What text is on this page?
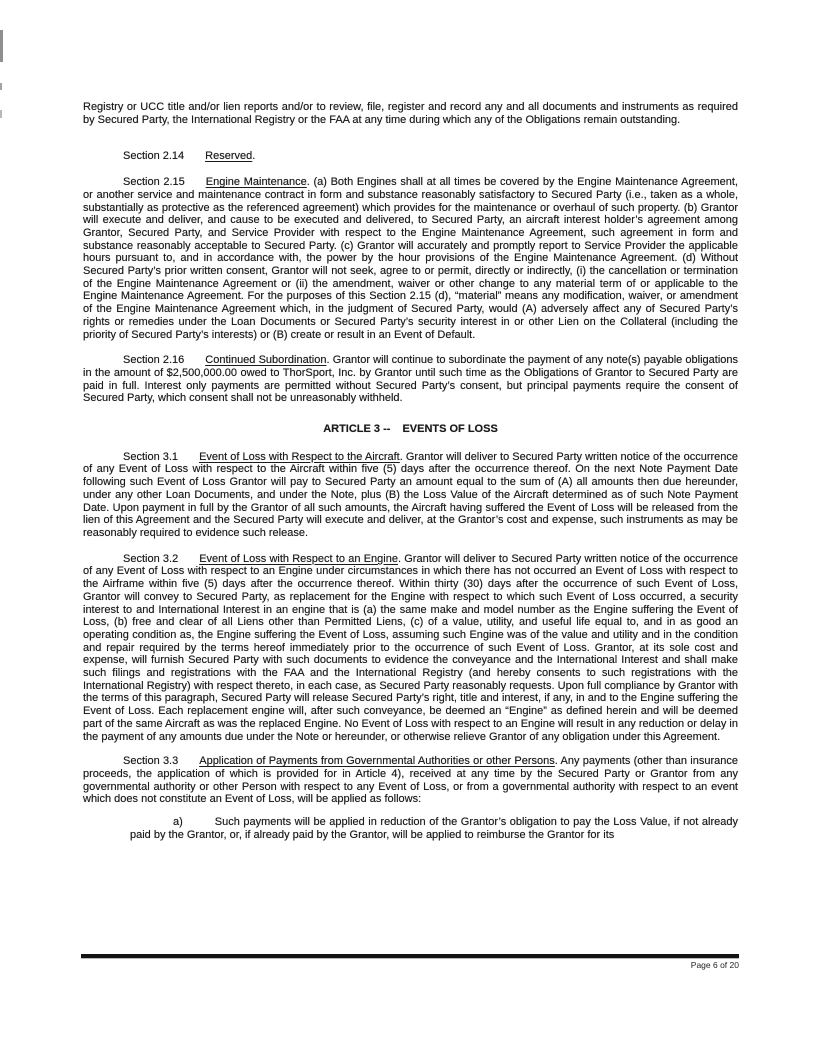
Registry or UCC title and/or lien reports and/or to review, file, register and record any and all documents and instruments as required by Secured Party, the International Registry or the FAA at any time during which any of the Obligations remain outstanding.

Section 2.14 Reserved.

Section 2.15 Engine Maintenance. (a) Both Engines shall at all times be covered by the Engine Maintenance Agreement, or another service and maintenance contract in form and substance reasonably satisfactory to Secured Party (i.e., taken as a whole, substantially as protective as the referenced agreement) which provides for the maintenance or overhaul of such property. (b) Grantor will execute and deliver, and cause to be executed and delivered, to Secured Party, an aircraft interest holder’s agreement among Grantor, Secured Party, and Service Provider with respect to the Engine Maintenance Agreement, such agreement in form and substance reasonably acceptable to Secured Party. (c) Grantor will accurately and promptly report to Service Provider the applicable hours pursuant to, and in accordance with, the power by the hour provisions of the Engine Maintenance Agreement. (d) Without Secured Party’s prior written consent, Grantor will not seek, agree to or permit, directly or indirectly, (i) the cancellation or termination of the Engine Maintenance Agreement or (ii) the amendment, waiver or other change to any material term of or applicable to the Engine Maintenance Agreement. For the purposes of this Section 2.15 (d), “material” means any modification, waiver, or amendment of the Engine Maintenance Agreement which, in the judgment of Secured Party, would (A) adversely affect any of Secured Party’s rights or remedies under the Loan Documents or Secured Party’s security interest in or other Lien on the Collateral (including the priority of Secured Party’s interests) or (B) create or result in an Event of Default.

Section 2.16 Continued Subordination. Grantor will continue to subordinate the payment of any note(s) payable obligations in the amount of $2,500,000.00 owed to ThorSport, Inc. by Grantor until such time as the Obligations of Grantor to Secured Party are paid in full. Interest only payments are permitted without Secured Party’s consent, but principal payments require the consent of Secured Party, which consent shall not be unreasonably withheld.

ARTICLE 3 -- EVENTS OF LOSS

Section 3.1 Event of Loss with Respect to the Aircraft. Grantor will deliver to Secured Party written notice of the occurrence of any Event of Loss with respect to the Aircraft within five (5) days after the occurrence thereof. On the next Note Payment Date following such Event of Loss Grantor will pay to Secured Party an amount equal to the sum of (A) all amounts then due hereunder, under any other Loan Documents, and under the Note, plus (B) the Loss Value of the Aircraft determined as of such Note Payment Date. Upon payment in full by the Grantor of all such amounts, the Aircraft having suffered the Event of Loss will be released from the lien of this Agreement and the Secured Party will execute and deliver, at the Grantor’s cost and expense, such instruments as may be reasonably required to evidence such release.

Section 3.2 Event of Loss with Respect to an Engine. Grantor will deliver to Secured Party written notice of the occurrence of any Event of Loss with respect to an Engine under circumstances in which there has not occurred an Event of Loss with respect to the Airframe within five (5) days after the occurrence thereof. Within thirty (30) days after the occurrence of such Event of Loss, Grantor will convey to Secured Party, as replacement for the Engine with respect to which such Event of Loss occurred, a security interest to and International Interest in an engine that is (a) the same make and model number as the Engine suffering the Event of Loss, (b) free and clear of all Liens other than Permitted Liens, (c) of a value, utility, and useful life equal to, and in as good an operating condition as, the Engine suffering the Event of Loss, assuming such Engine was of the value and utility and in the condition and repair required by the terms hereof immediately prior to the occurrence of such Event of Loss. Grantor, at its sole cost and expense, will furnish Secured Party with such documents to evidence the conveyance and the International Interest and shall make such filings and registrations with the FAA and the International Registry (and hereby consents to such registrations with the International Registry) with respect thereto, in each case, as Secured Party reasonably requests. Upon full compliance by Grantor with the terms of this paragraph, Secured Party will release Secured Party’s right, title and interest, if any, in and to the Engine suffering the Event of Loss. Each replacement engine will, after such conveyance, be deemed an “Engine” as defined herein and will be deemed part of the same Aircraft as was the replaced Engine. No Event of Loss with respect to an Engine will result in any reduction or delay in the payment of any amounts due under the Note or hereunder, or otherwise relieve Grantor of any obligation under this Agreement.

Section 3.3 Application of Payments from Governmental Authorities or other Persons. Any payments (other than insurance proceeds, the application of which is provided for in Article 4), received at any time by the Secured Party or Grantor from any governmental authority or other Person with respect to any Event of Loss, or from a governmental authority with respect to an event which does not constitute an Event of Loss, will be applied as follows:

a)	Such payments will be applied in reduction of the Grantor’s obligation to pay the Loss Value, if not already paid by the Grantor, or, if already paid by the Grantor, will be applied to reimburse the Grantor for its

Page 6 of 20
